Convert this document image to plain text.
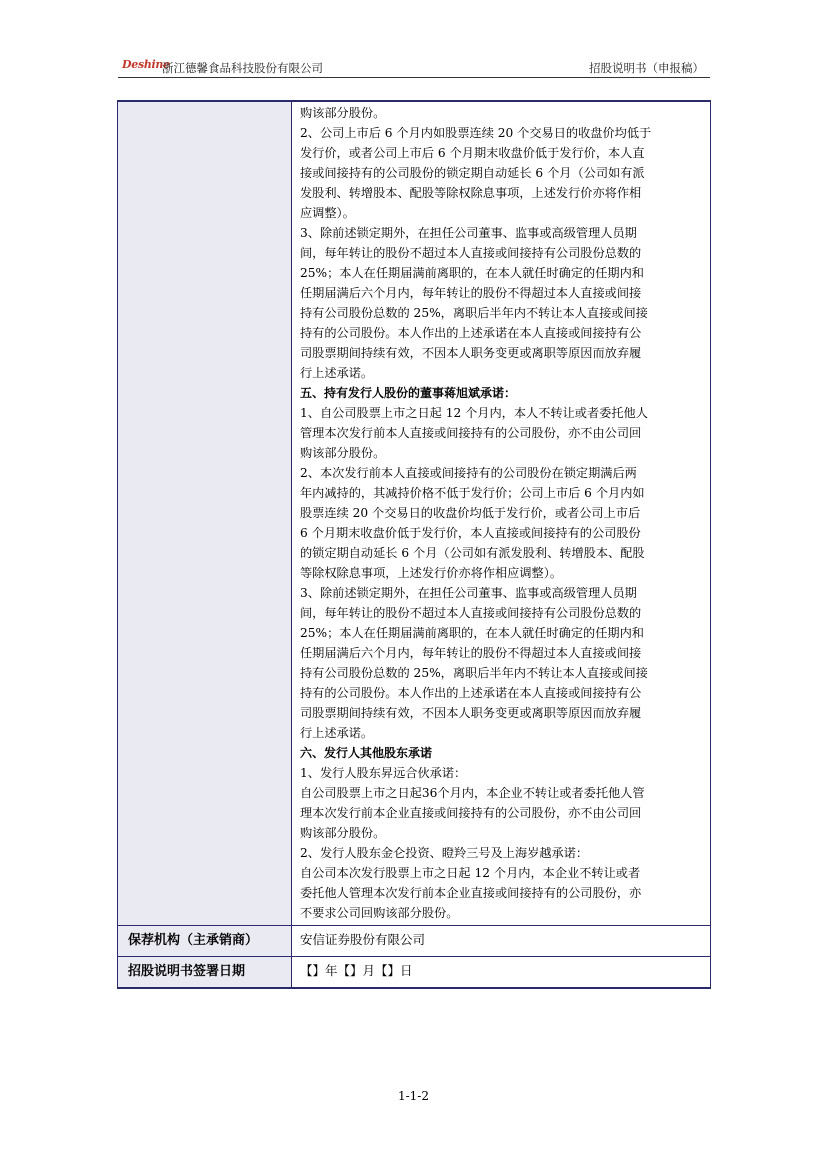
Deshine
浙江德馨食品科技股份有限公司	招股说明书（申报稿）
购该部分股份。
2、公司上市后 6 个月内如股票连续 20 个交易日的收盘价均低于
发行价，或者公司上市后 6 个月期末收盘价低于发行价，本人直
接或间接持有的公司股份的锁定期自动延长 6 个月（公司如有派
发股利、转增股本、配股等除权除息事项，上述发行价亦将作相
应调整）。
3、除前述锁定期外，在担任公司董事、监事或高级管理人员期
间，每年转让的股份不超过本人直接或间接持有公司股份总数的
25%；本人在任期届满前离职的，在本人就任时确定的任期内和
任期届满后六个月内，每年转让的股份不得超过本人直接或间接
持有公司股份总数的 25%，离职后半年内不转让本人直接或间接
持有的公司股份。本人作出的上述承诺在本人直接或间接持有公
司股票期间持续有效，不因本人职务变更或离职等原因而放弃履
行上述承诺。
五、持有发行人股份的董事蒋旭斌承诺：
1、自公司股票上市之日起 12 个月内，本人不转让或者委托他人
管理本次发行前本人直接或间接持有的公司股份，亦不由公司回
购该部分股份。
2、本次发行前本人直接或间接持有的公司股份在锁定期满后两
年内减持的，其减持价格不低于发行价；公司上市后 6 个月内如
股票连续 20 个交易日的收盘价均低于发行价，或者公司上市后
6 个月期末收盘价低于发行价，本人直接或间接持有的公司股份
的锁定期自动延长 6 个月（公司如有派发股利、转增股本、配股
等除权除息事项，上述发行价亦将作相应调整）。
3、除前述锁定期外，在担任公司董事、监事或高级管理人员期
间，每年转让的股份不超过本人直接或间接持有公司股份总数的
25%；本人在任期届满前离职的，在本人就任时确定的任期内和
任期届满后六个月内，每年转让的股份不得超过本人直接或间接
持有公司股份总数的 25%，离职后半年内不转让本人直接或间接
持有的公司股份。本人作出的上述承诺在本人直接或间接持有公
司股票期间持续有效，不因本人职务变更或离职等原因而放弃履
行上述承诺。
六、发行人其他股东承诺
1、发行人股东昇远合伙承诺：
自公司股票上市之日起36个月内，本企业不转让或者委托他人管
理本次发行前本企业直接或间接持有的公司股份，亦不由公司回
购该部分股份。
2、发行人股东金仑投资、瞪羚三号及上海岁越承诺：
自公司本次发行股票上市之日起 12 个月内，本企业不转让或者
委托他人管理本次发行前本企业直接或间接持有的公司股份，亦
不要求公司回购该部分股份。
保荐机构（主承销商）	安信证券股份有限公司
招股说明书签署日期	【】年【】月【】日
1-1-2
